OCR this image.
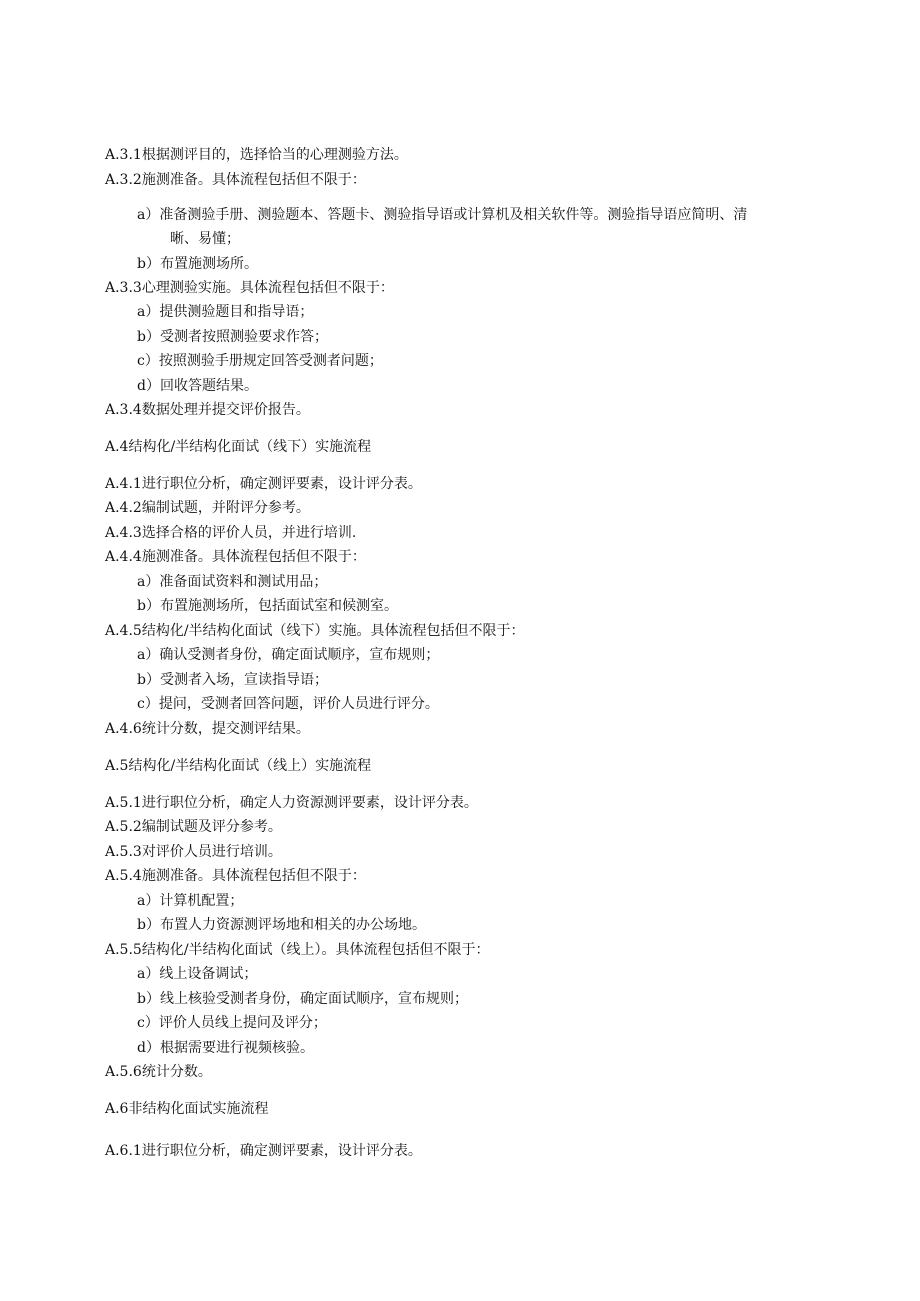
A.3.1根据测评目的，选择恰当的心理测验方法。
A.3.2施测准备。具体流程包括但不限于：
a）准备测验手册、测验题本、答题卡、测验指导语或计算机及相关软件等。测验指导语应简明、清
晰、易懂；
b）布置施测场所。
A.3.3心理测验实施。具体流程包括但不限于：
a）提供测验题目和指导语；
b）受测者按照测验要求作答；
c）按照测验手册规定回答受测者问题；
d）回收答题结果。
A.3.4数据处理并提交评价报告。
A.4结构化/半结构化面试（线下）实施流程
A.4.1进行职位分析，确定测评要素，设计评分表。
A.4.2编制试题，并附评分参考。
A.4.3选择合格的评价人员，并进行培训.
A.4.4施测准备。具体流程包括但不限于：
a）准备面试资料和测试用品；
b）布置施测场所，包括面试室和候测室。
A.4.5结构化/半结构化面试（线下）实施。具体流程包括但不限于：
a）确认受测者身份，确定面试顺序，宣布规则；
b）受测者入场，宣读指导语；
c）提问，受测者回答问题，评价人员进行评分。
A.4.6统计分数，提交测评结果。
A.5结构化/半结构化面试（线上）实施流程
A.5.1进行职位分析，确定人力资源测评要素，设计评分表。
A.5.2编制试题及评分参考。
A.5.3对评价人员进行培训。
A.5.4施测准备。具体流程包括但不限于：
a）计算机配置；
b）布置人力资源测评场地和相关的办公场地。
A.5.5结构化/半结构化面试（线上）。具体流程包括但不限于：
a）线上设备调试；
b）线上核验受测者身份，确定面试顺序，宣布规则；
c）评价人员线上提问及评分；
d）根据需要进行视频核验。
A.5.6统计分数。
A.6非结构化面试实施流程
A.6.1进行职位分析，确定测评要素，设计评分表。
